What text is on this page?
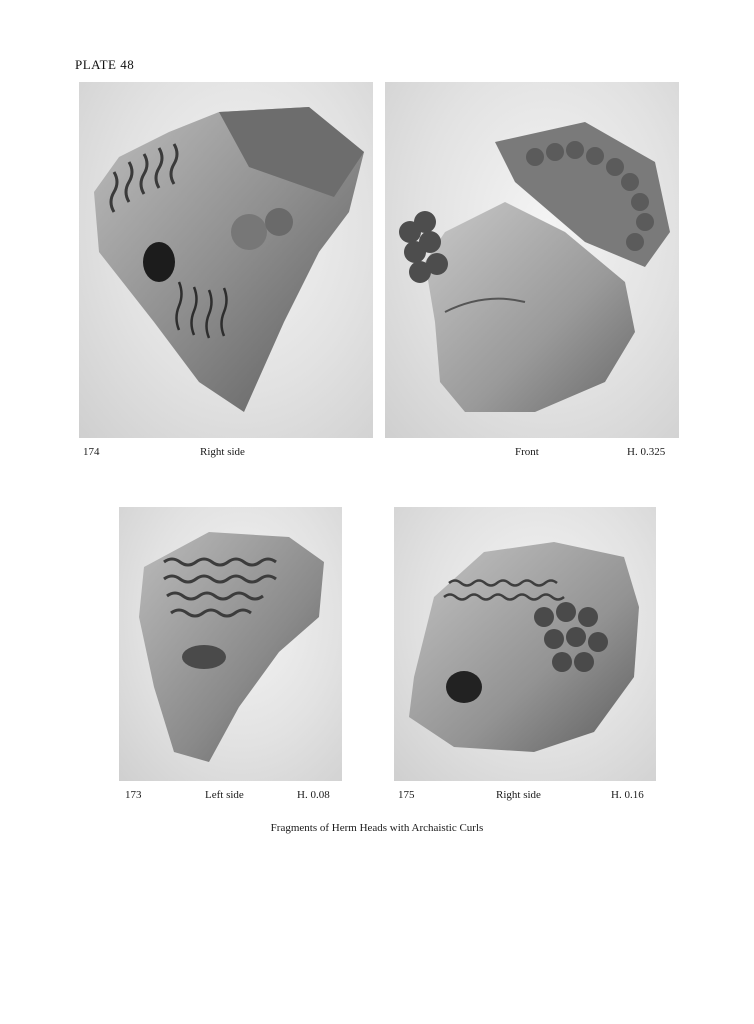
PLATE 48
174	Right side	Front	H. 0.325
173	Left side	H. 0.08	175	Right side	H. 0.16
Fragments of Herm Heads with Archaistic Curls
